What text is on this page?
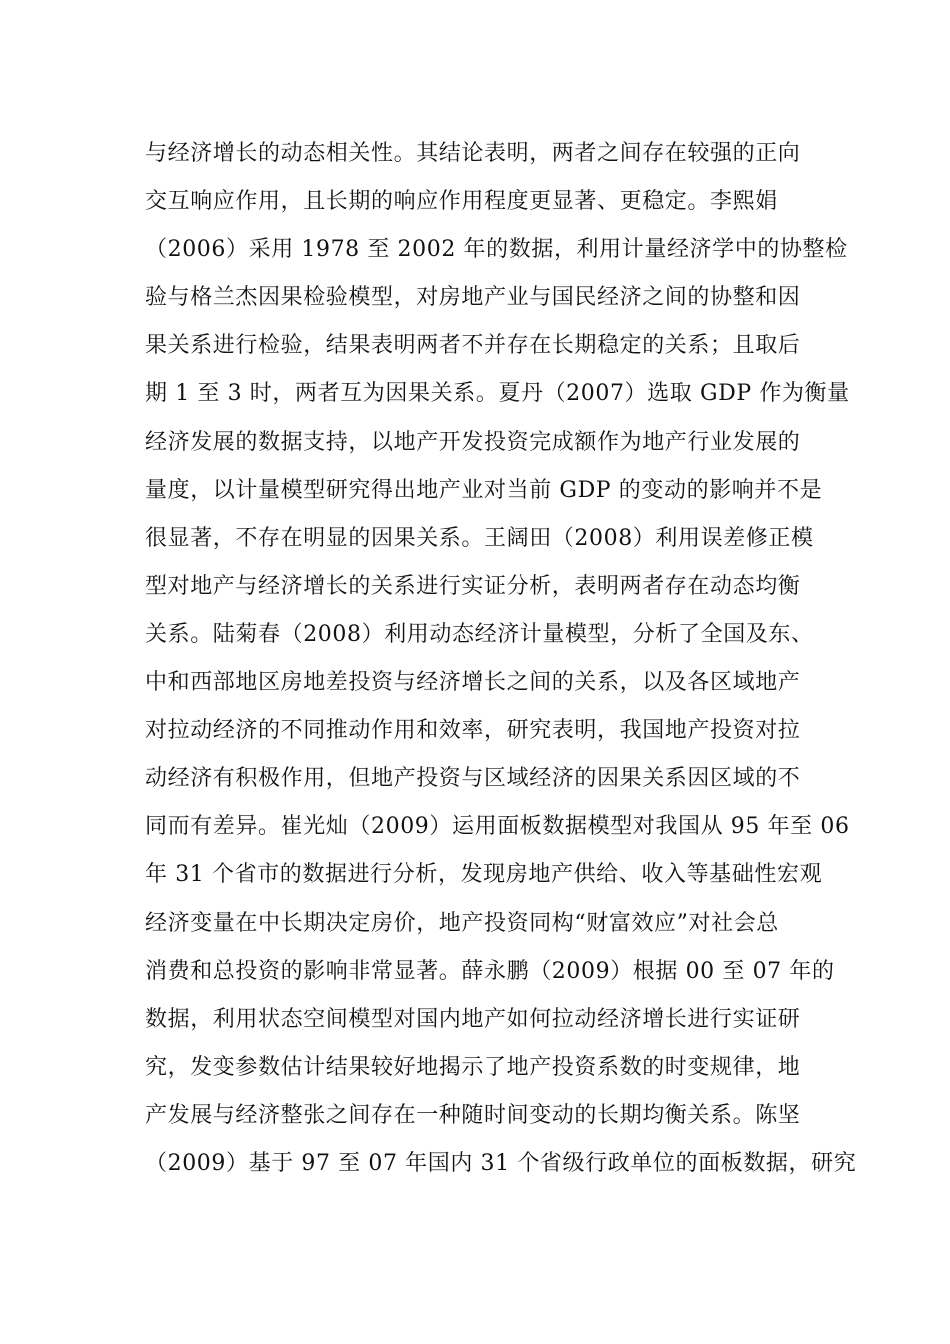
与经济增长的动态相关性。其结论表明，两者之间存在较强的正向
交互响应作用，且长期的响应作用程度更显著、更稳定。李熙娟
（2006）采用 1978 至 2002 年的数据，利用计量经济学中的协整检
验与格兰杰因果检验模型，对房地产业与国民经济之间的协整和因
果关系进行检验，结果表明两者不并存在长期稳定的关系；且取后
期 1 至 3 时，两者互为因果关系。夏丹（2007）选取 GDP 作为衡量
经济发展的数据支持，以地产开发投资完成额作为地产行业发展的
量度，以计量模型研究得出地产业对当前 GDP 的变动的影响并不是
很显著，不存在明显的因果关系。王阔田（2008）利用误差修正模
型对地产与经济增长的关系进行实证分析，表明两者存在动态均衡
关系。陆菊春（2008）利用动态经济计量模型，分析了全国及东、
中和西部地区房地差投资与经济增长之间的关系，以及各区域地产
对拉动经济的不同推动作用和效率，研究表明，我国地产投资对拉
动经济有积极作用，但地产投资与区域经济的因果关系因区域的不
同而有差异。崔光灿（2009）运用面板数据模型对我国从 95 年至 06
年 31 个省市的数据进行分析，发现房地产供给、收入等基础性宏观
经济变量在中长期决定房价，地产投资同构“财富效应”对社会总
消费和总投资的影响非常显著。薛永鹏（2009）根据 00 至 07 年的
数据，利用状态空间模型对国内地产如何拉动经济增长进行实证研
究，发变参数估计结果较好地揭示了地产投资系数的时变规律，地
产发展与经济整张之间存在一种随时间变动的长期均衡关系。陈坚
（2009）基于 97 至 07 年国内 31 个省级行政单位的面板数据，研究
